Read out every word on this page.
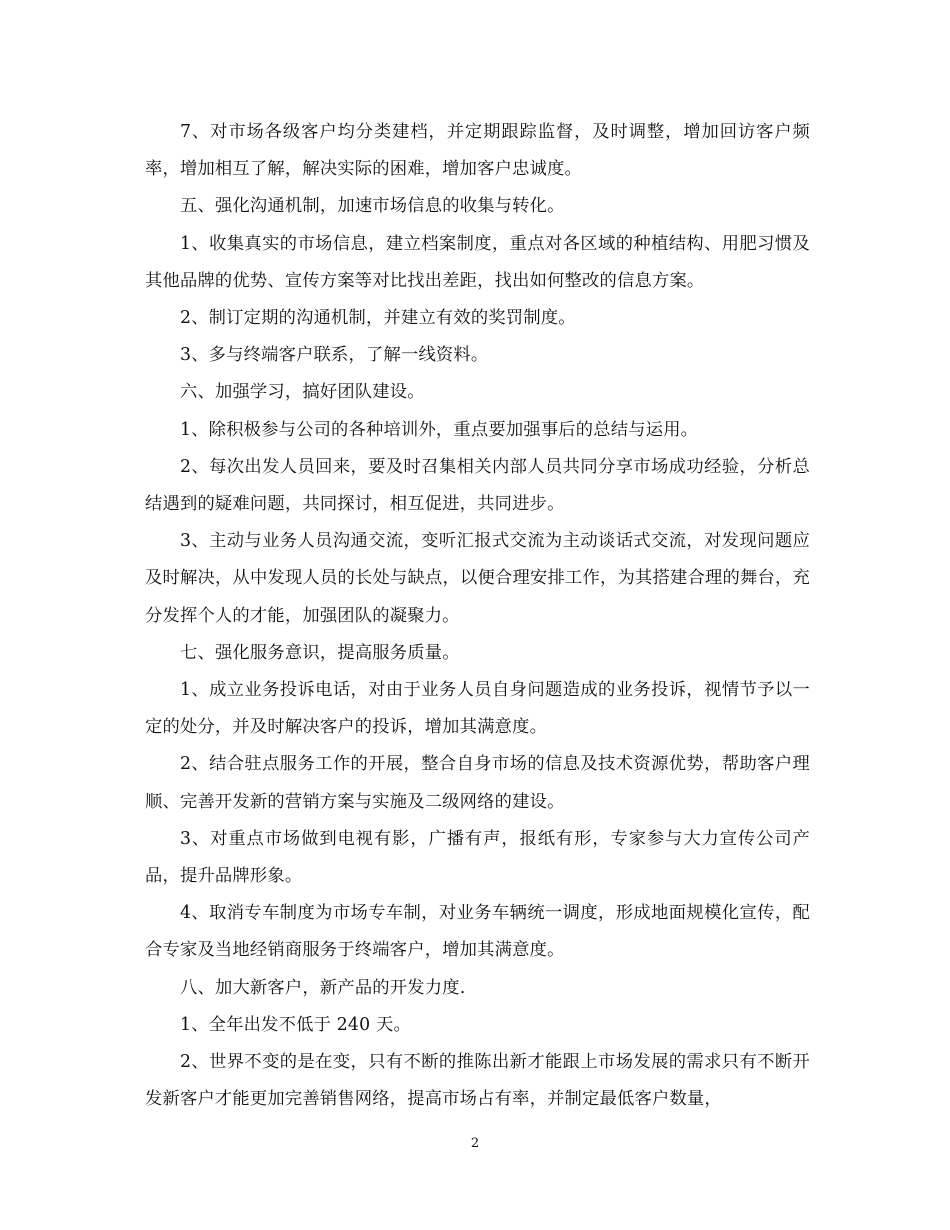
7、对市场各级客户均分类建档，并定期跟踪监督，及时调整，增加回访客户频率，增加相互了解，解决实际的困难，增加客户忠诚度。

五、强化沟通机制，加速市场信息的收集与转化。

1、收集真实的市场信息，建立档案制度，重点对各区域的种植结构、用肥习惯及其他品牌的优势、宣传方案等对比找出差距，找出如何整改的信息方案。

2、制订定期的沟通机制，并建立有效的奖罚制度。

3、多与终端客户联系，了解一线资料。

六、加强学习，搞好团队建设。

1、除积极参与公司的各种培训外，重点要加强事后的总结与运用。

2、每次出发人员回来，要及时召集相关内部人员共同分享市场成功经验，分析总结遇到的疑难问题，共同探讨，相互促进，共同进步。

3、主动与业务人员沟通交流，变听汇报式交流为主动谈话式交流，对发现问题应及时解决，从中发现人员的长处与缺点，以便合理安排工作，为其搭建合理的舞台，充分发挥个人的才能，加强团队的凝聚力。

七、强化服务意识，提高服务质量。

1、成立业务投诉电话，对由于业务人员自身问题造成的业务投诉，视情节予以一定的处分，并及时解决客户的投诉，增加其满意度。

2、结合驻点服务工作的开展，整合自身市场的信息及技术资源优势，帮助客户理顺、完善开发新的营销方案与实施及二级网络的建设。

3、对重点市场做到电视有影，广播有声，报纸有形，专家参与大力宣传公司产品，提升品牌形象。

4、取消专车制度为市场专车制，对业务车辆统一调度，形成地面规模化宣传，配合专家及当地经销商服务于终端客户，增加其满意度。

八、加大新客户，新产品的开发力度.

1、全年出发不低于 240 天。

2、世界不变的是在变，只有不断的推陈出新才能跟上市场发展的需求只有不断开发新客户才能更加完善销售网络，提高市场占有率，并制定最低客户数量，

2
